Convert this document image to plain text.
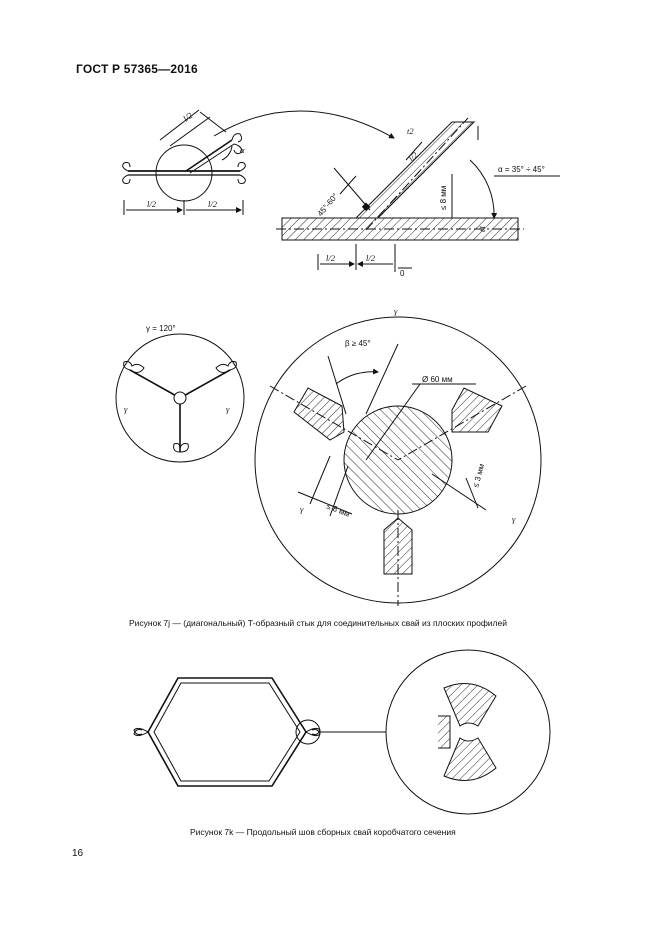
ГОСТ Р 57365—2016
l/2	l/2
l/2
α
t2
l/2
α = 35° ÷ 45°
45°-60°	≤ 8 мм
t1
l/2	l/2
0
γ = 120°
γ	γ
γ
β ≥ 45°
Ø 60 мм
≤ 3 мм
≤ 8 мм
γ
γ
Рисунок 7j — (диагональный) Т-образный стык для соединительных свай из плоских профилей
Рисунок 7k — Продольный шов сборных свай коробчатого сечения
16
